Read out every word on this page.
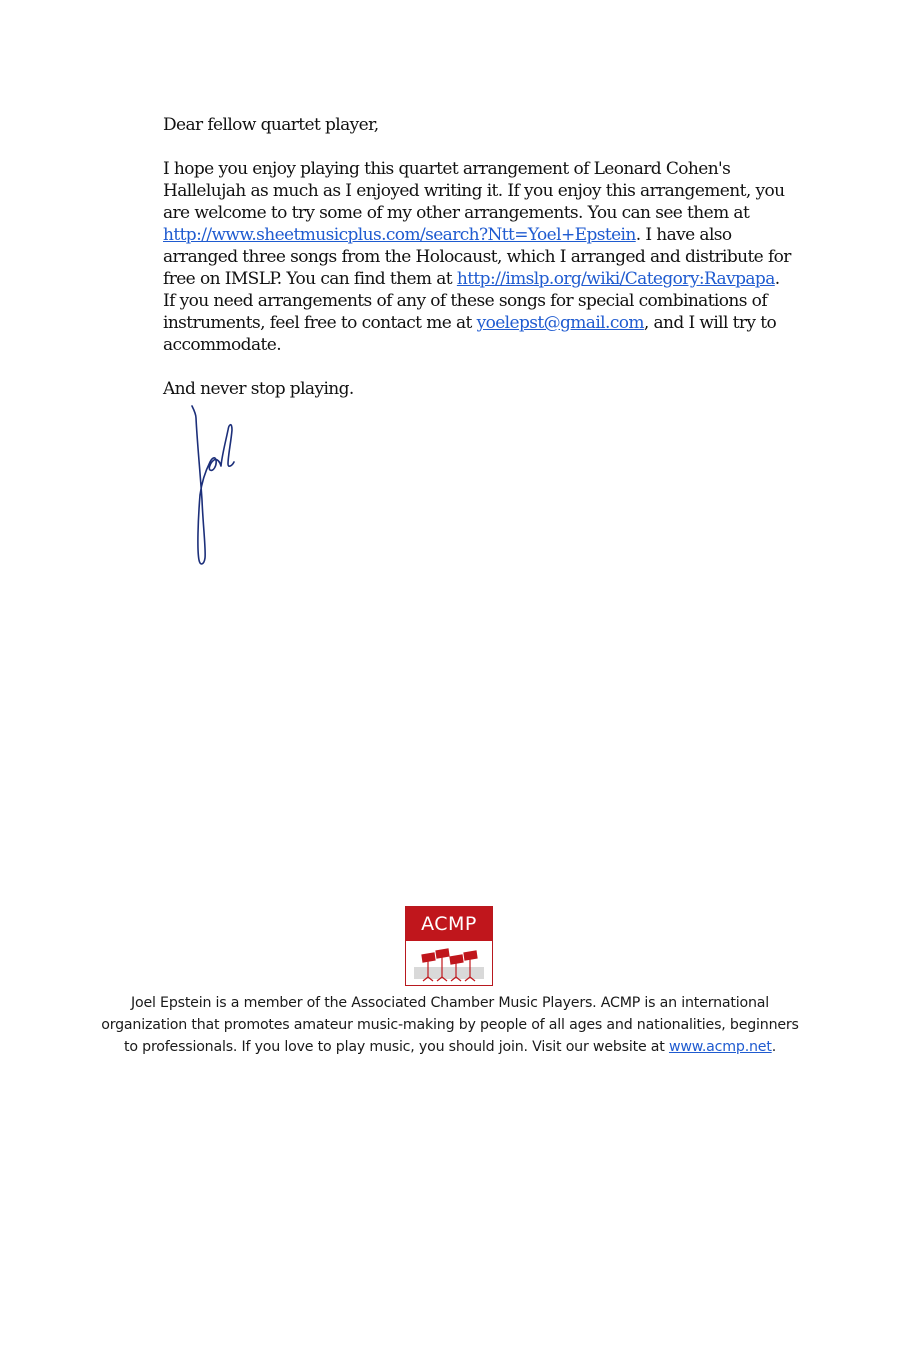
Dear fellow quartet player,

I hope you enjoy playing this quartet arrangement of Leonard Cohen's
Hallelujah as much as I enjoyed writing it. If you enjoy this arrangement, you
are welcome to try some of my other arrangements. You can see them at
http://www.sheetmusicplus.com/search?Ntt=Yoel+Epstein. I have also
arranged three songs from the Holocaust, which I arranged and distribute for
free on IMSLP. You can find them at http://imslp.org/wiki/Category:Ravpapa.
If you need arrangements of any of these songs for special combinations of
instruments, feel free to contact me at yoelepst@gmail.com, and I will try to
accommodate.

And never stop playing.

ACMP
Joel Epstein is a member of the Associated Chamber Music Players. ACMP is an international
organization that promotes amateur music-making by people of all ages and nationalities, beginners
to professionals. If you love to play music, you should join. Visit our website at www.acmp.net.
